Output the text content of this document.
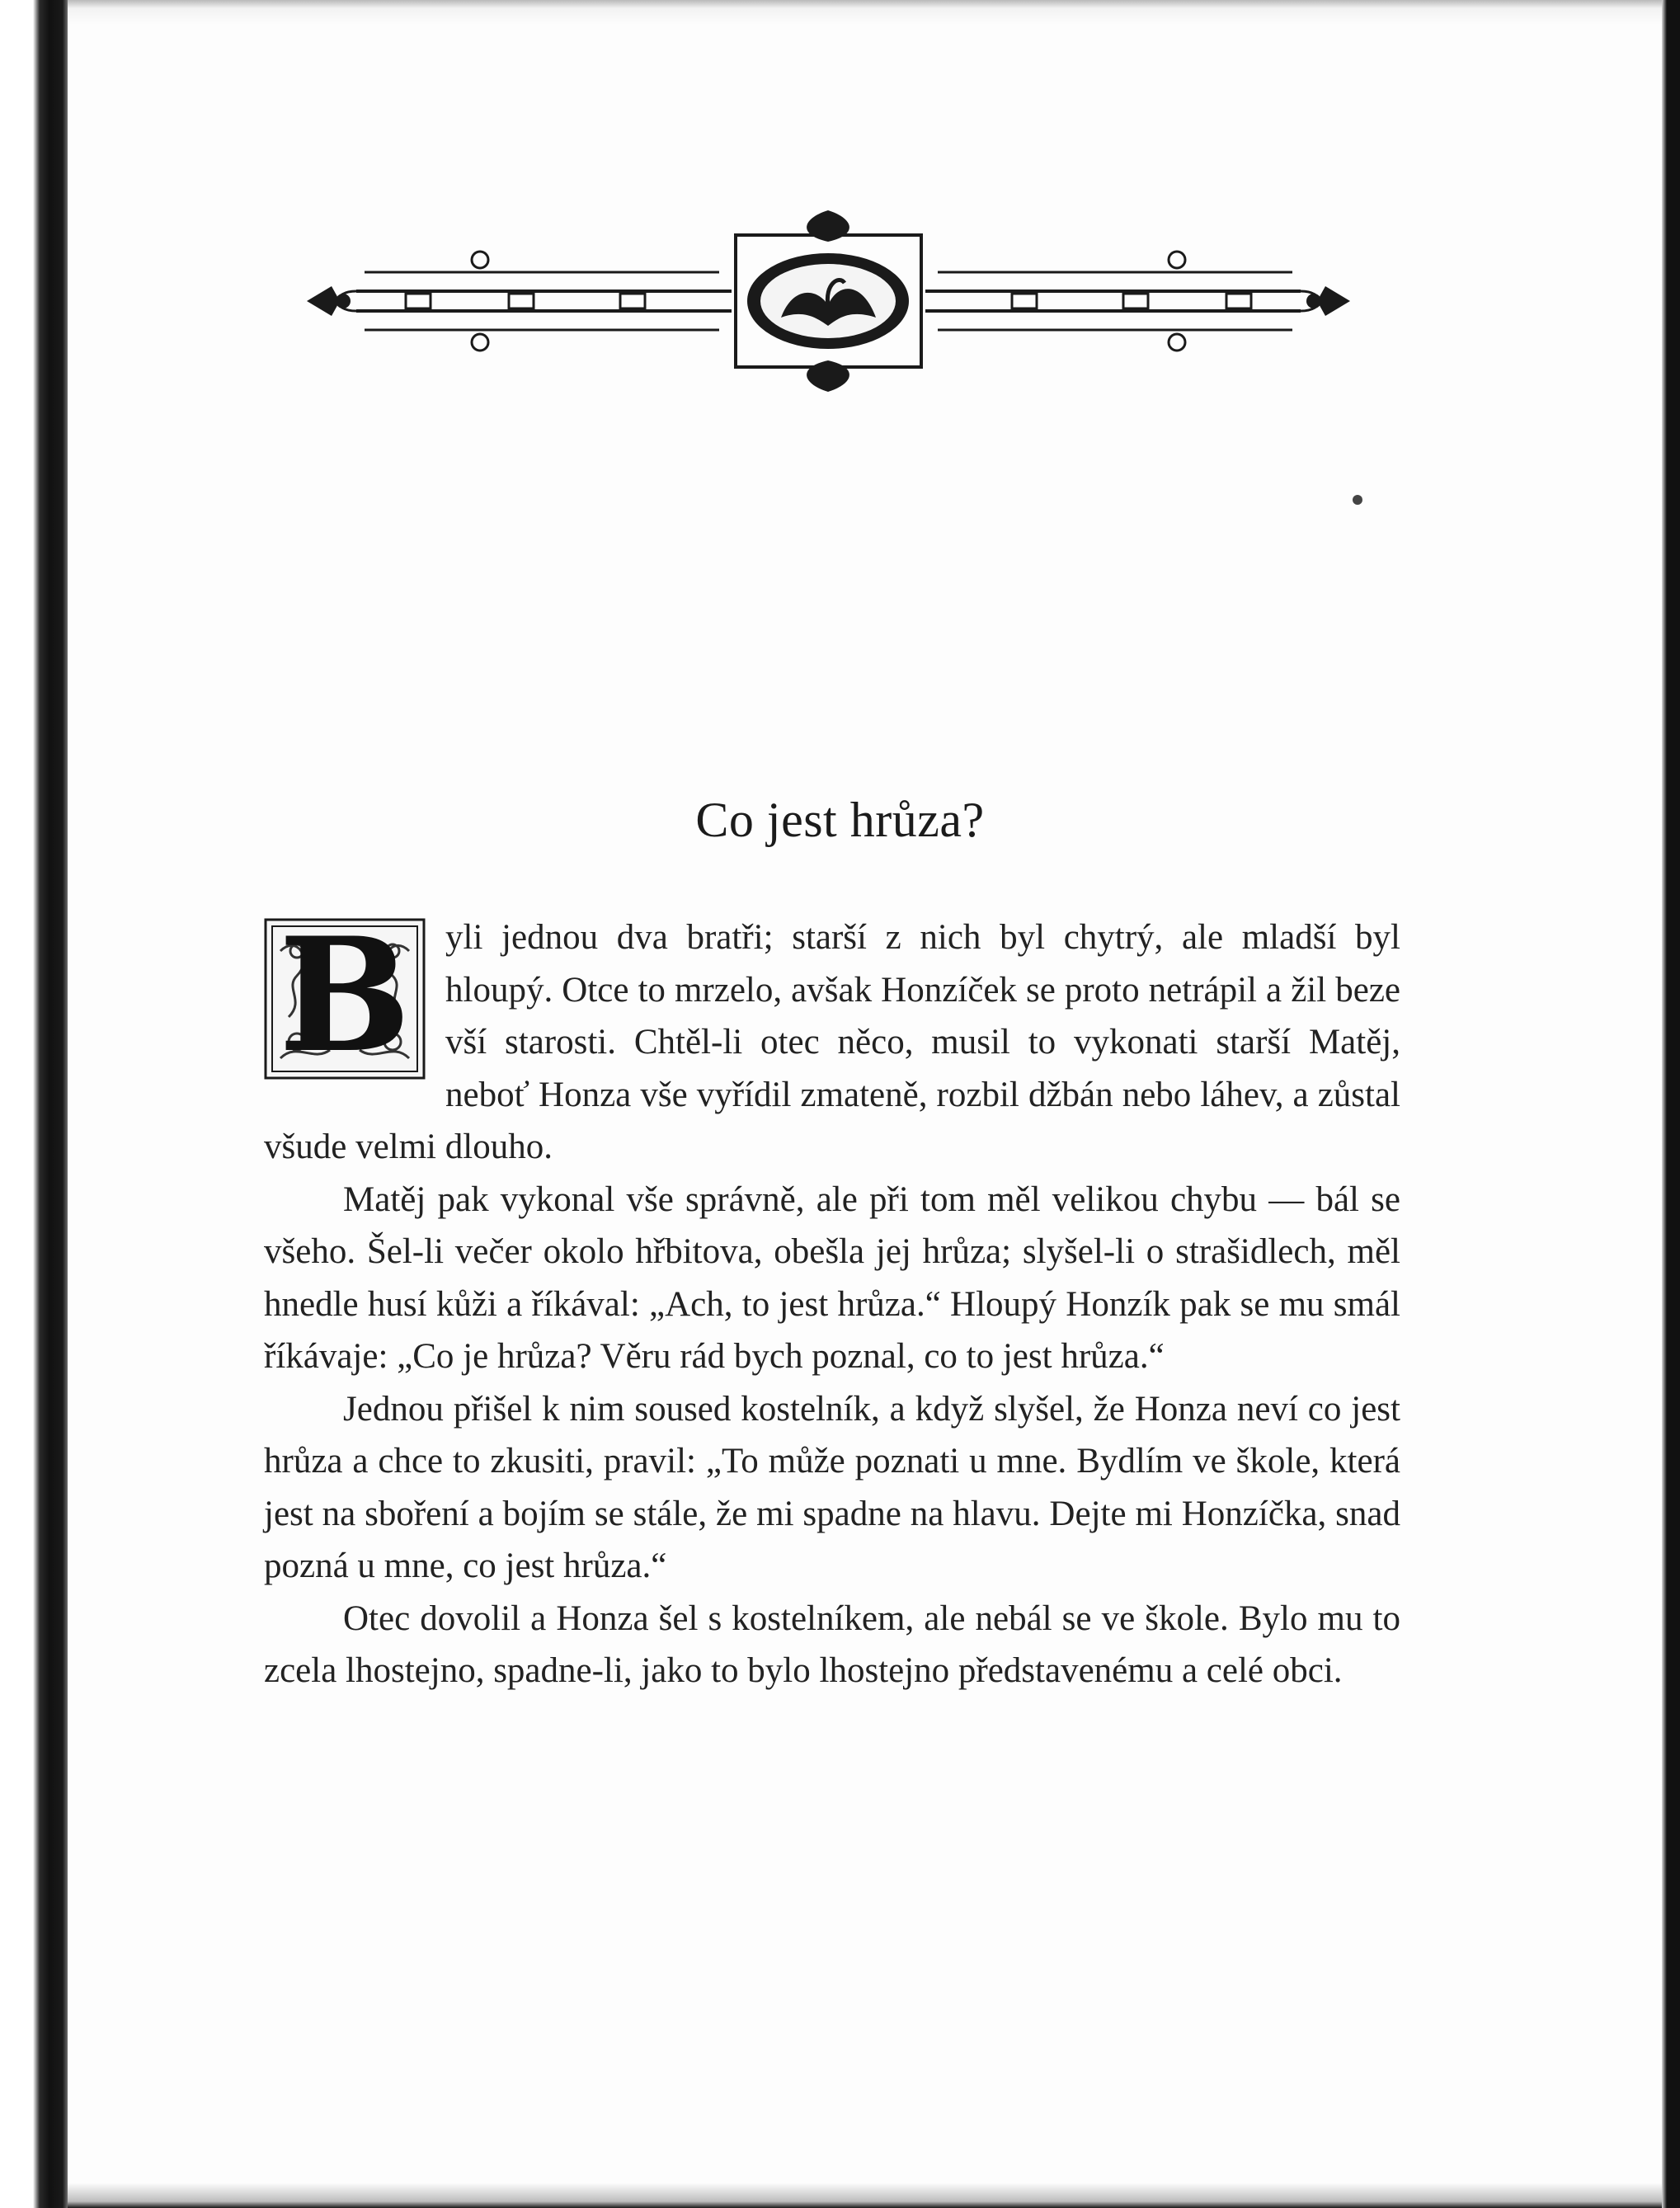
Co jest hrůza?

B yli jednou dva bratři; starší z nich byl chytrý, ale mladší byl hloupý. Otce to mrzelo, avšak Honzíček se proto netrápil a žil beze vší starosti. Chtěl-li otec něco, musil to vykonati starší Matěj, neboť Honza vše vyřídil zmateně, rozbil džbán nebo láhev, a zůstal všude velmi dlouho.

Matěj pak vykonal vše správně, ale při tom měl velikou chybu — bál se všeho. Šel-li večer okolo hřbitova, obešla jej hrůza; slyšel-li o strašidlech, měl hnedle husí kůži a říkával: „Ach, to jest hrůza.“ Hloupý Honzík pak se mu smál říkávaje: „Co je hrůza? Věru rád bych poznal, co to jest hrůza.“

Jednou přišel k nim soused kostelník, a když slyšel, že Honza neví co jest hrůza a chce to zkusiti, pravil: „To může poznati u mne. Bydlím ve škole, která jest na sboření a bojím se stále, že mi spadne na hlavu. Dejte mi Honzíčka, snad pozná u mne, co jest hrůza.“

Otec dovolil a Honza šel s kostelníkem, ale nebál se ve škole. Bylo mu to zcela lhostejno, spadne-li, jako to bylo lhostejno představenému a celé obci.
